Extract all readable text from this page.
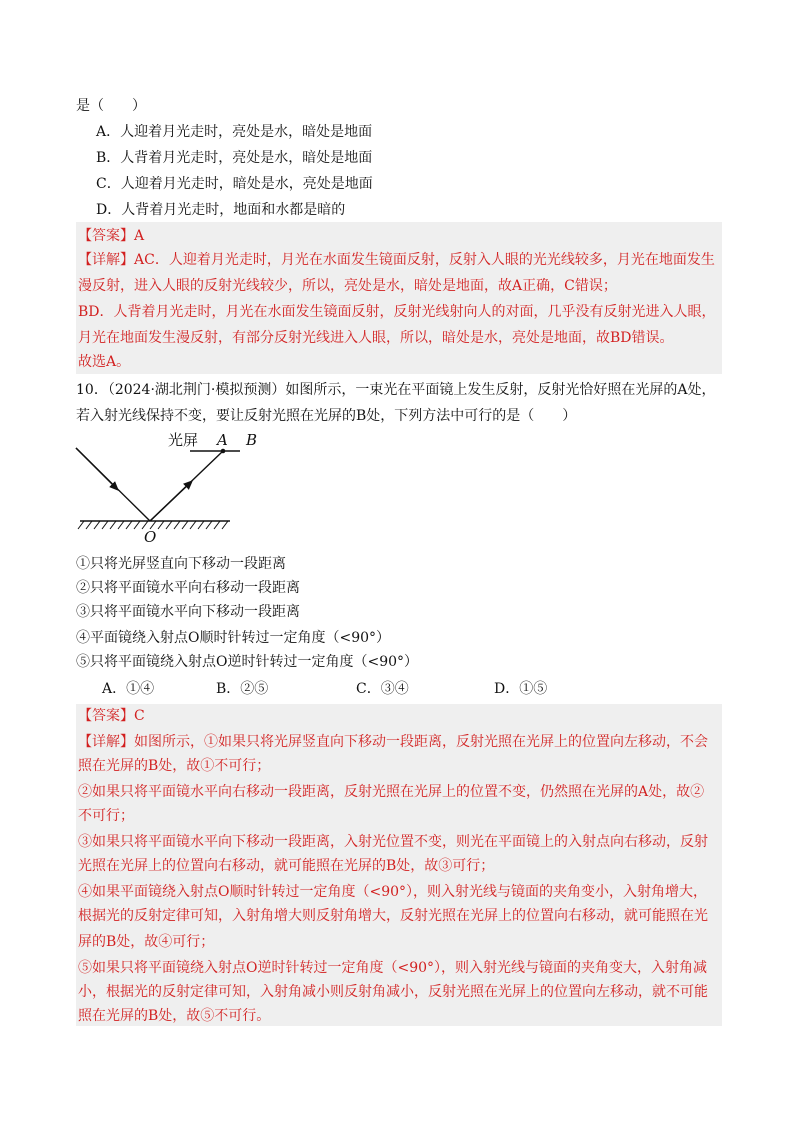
是（　　）
A．人迎着月光走时，亮处是水，暗处是地面
B．人背着月光走时，亮处是水，暗处是地面
C．人迎着月光走时，暗处是水，亮处是地面
D．人背着月光走时，地面和水都是暗的
【答案】A
【详解】AC．人迎着月光走时，月光在水面发生镜面反射，反射入人眼的光光线较多，月光在地面发生
漫反射，进入人眼的反射光线较少，所以，亮处是水，暗处是地面，故A正确，C错误；
BD．人背着月光走时，月光在水面发生镜面反射，反射光线射向人的对面，几乎没有反射光进入人眼，
月光在地面发生漫反射，有部分反射光线进入人眼，所以，暗处是水，亮处是地面，故BD错误。
故选A。
10．（2024·湖北荆门·模拟预测）如图所示，一束光在平面镜上发生反射，反射光恰好照在光屏的A处，
若入射光线保持不变，要让反射光照在光屏的B处，下列方法中可行的是（　　）
光屏 A B
O
①只将光屏竖直向下移动一段距离
②只将平面镜水平向右移动一段距离
③只将平面镜水平向下移动一段距离
④平面镜绕入射点O顺时针转过一定角度（<90°）
⑤只将平面镜绕入射点O逆时针转过一定角度（<90°）
A．①④	B．②⑤	C．③④	D．①⑤
【答案】C
【详解】如图所示，①如果只将光屏竖直向下移动一段距离，反射光照在光屏上的位置向左移动，不会
照在光屏的B处，故①不可行；
②如果只将平面镜水平向右移动一段距离，反射光照在光屏上的位置不变，仍然照在光屏的A处，故②
不可行；
③如果只将平面镜水平向下移动一段距离，入射光位置不变，则光在平面镜上的入射点向右移动，反射
光照在光屏上的位置向右移动，就可能照在光屏的B处，故③可行；
④如果平面镜绕入射点O顺时针转过一定角度（<90°），则入射光线与镜面的夹角变小，入射角增大，
根据光的反射定律可知，入射角增大则反射角增大，反射光照在光屏上的位置向右移动，就可能照在光
屏的B处，故④可行；
⑤如果只将平面镜绕入射点O逆时针转过一定角度（<90°），则入射光线与镜面的夹角变大，入射角减
小，根据光的反射定律可知，入射角减小则反射角减小，反射光照在光屏上的位置向左移动，就不可能
照在光屏的B处，故⑤不可行。
